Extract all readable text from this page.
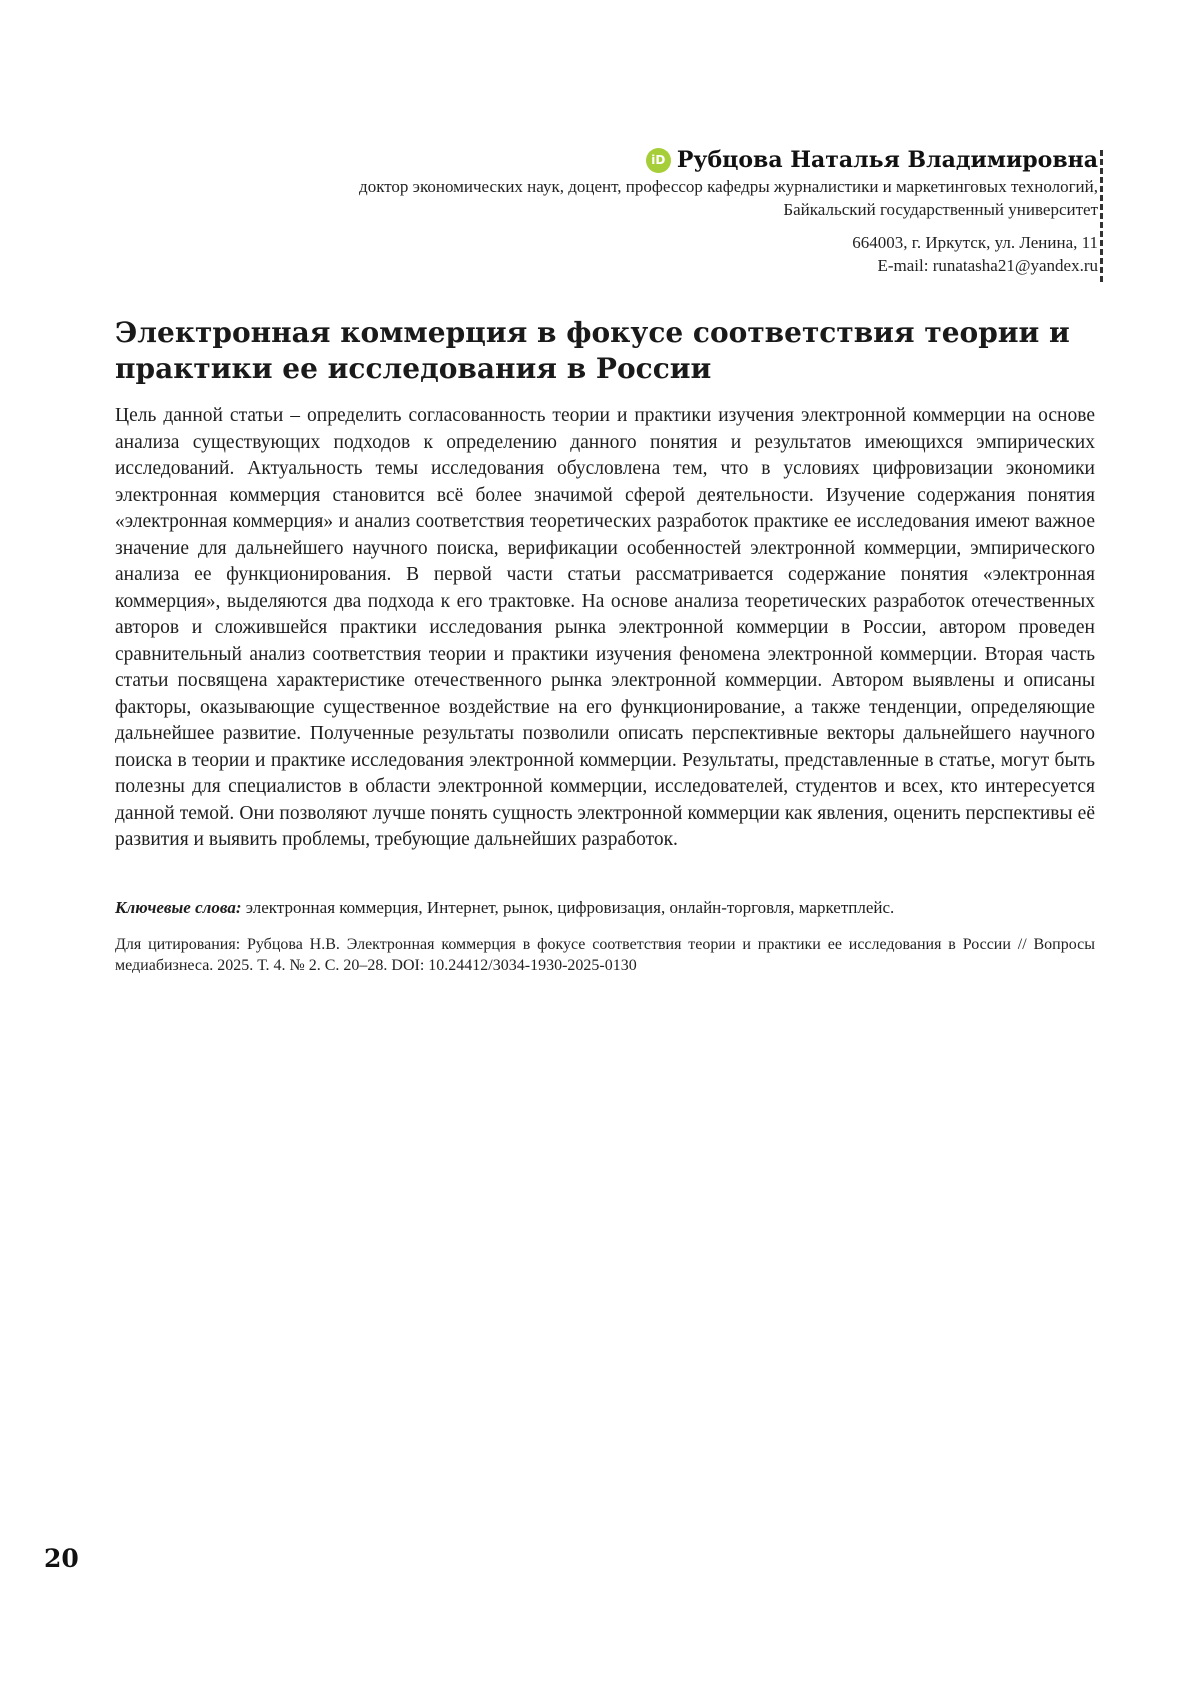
iD Рубцова Наталья Владимировна
доктор экономических наук, доцент, профессор кафедры журналистики и маркетинговых технологий,
Байкальский государственный университет
664003, г. Иркутск, ул. Ленина, 11
E-mail: runatasha21@yandex.ru
Электронная коммерция в фокусе соответствия теории и практики ее исследования в России

Цель данной статьи – определить согласованность теории и практики изучения электронной коммерции на основе анализа существующих подходов к определению данного понятия и результатов имеющихся эмпирических исследований. Актуальность темы исследования обусловлена тем, что в условиях цифровизации экономики электронная коммерция становится всё более значимой сферой деятельности. Изучение содержания понятия «электронная коммерция» и анализ соответствия теоретических разработок практике ее исследования имеют важное значение для дальнейшего научного поиска, верификации особенностей электронной коммерции, эмпирического анализа ее функционирования. В первой части статьи рассматривается содержание понятия «электронная коммерция», выделяются два подхода к его трактовке. На основе анализа теоретических разработок отечественных авторов и сложившейся практики исследования рынка электронной коммерции в России, автором проведен сравнительный анализ соответствия теории и практики изучения феномена электронной коммерции. Вторая часть статьи посвящена характеристике отечественного рынка электронной коммерции. Автором выявлены и описаны факторы, оказывающие существенное воздействие на его функционирование, а также тенденции, определяющие дальнейшее развитие. Полученные результаты позволили описать перспективные векторы дальнейшего научного поиска в теории и практике исследования электронной коммерции. Результаты, представленные в статье, могут быть полезны для специалистов в области электронной коммерции, исследователей, студентов и всех, кто интересуется данной темой. Они позволяют лучше понять сущность электронной коммерции как явления, оценить перспективы её развития и выявить проблемы, требующие дальнейших разработок.

Ключевые слова: электронная коммерция, Интернет, рынок, цифровизация, онлайн-торговля, маркетплейс.

Для цитирования: Рубцова Н.В. Электронная коммерция в фокусе соответствия теории и практики ее исследования в России // Вопросы медиабизнеса. 2025. Т. 4. № 2. С. 20–28. DOI: 10.24412/3034-1930-2025-0130

20
